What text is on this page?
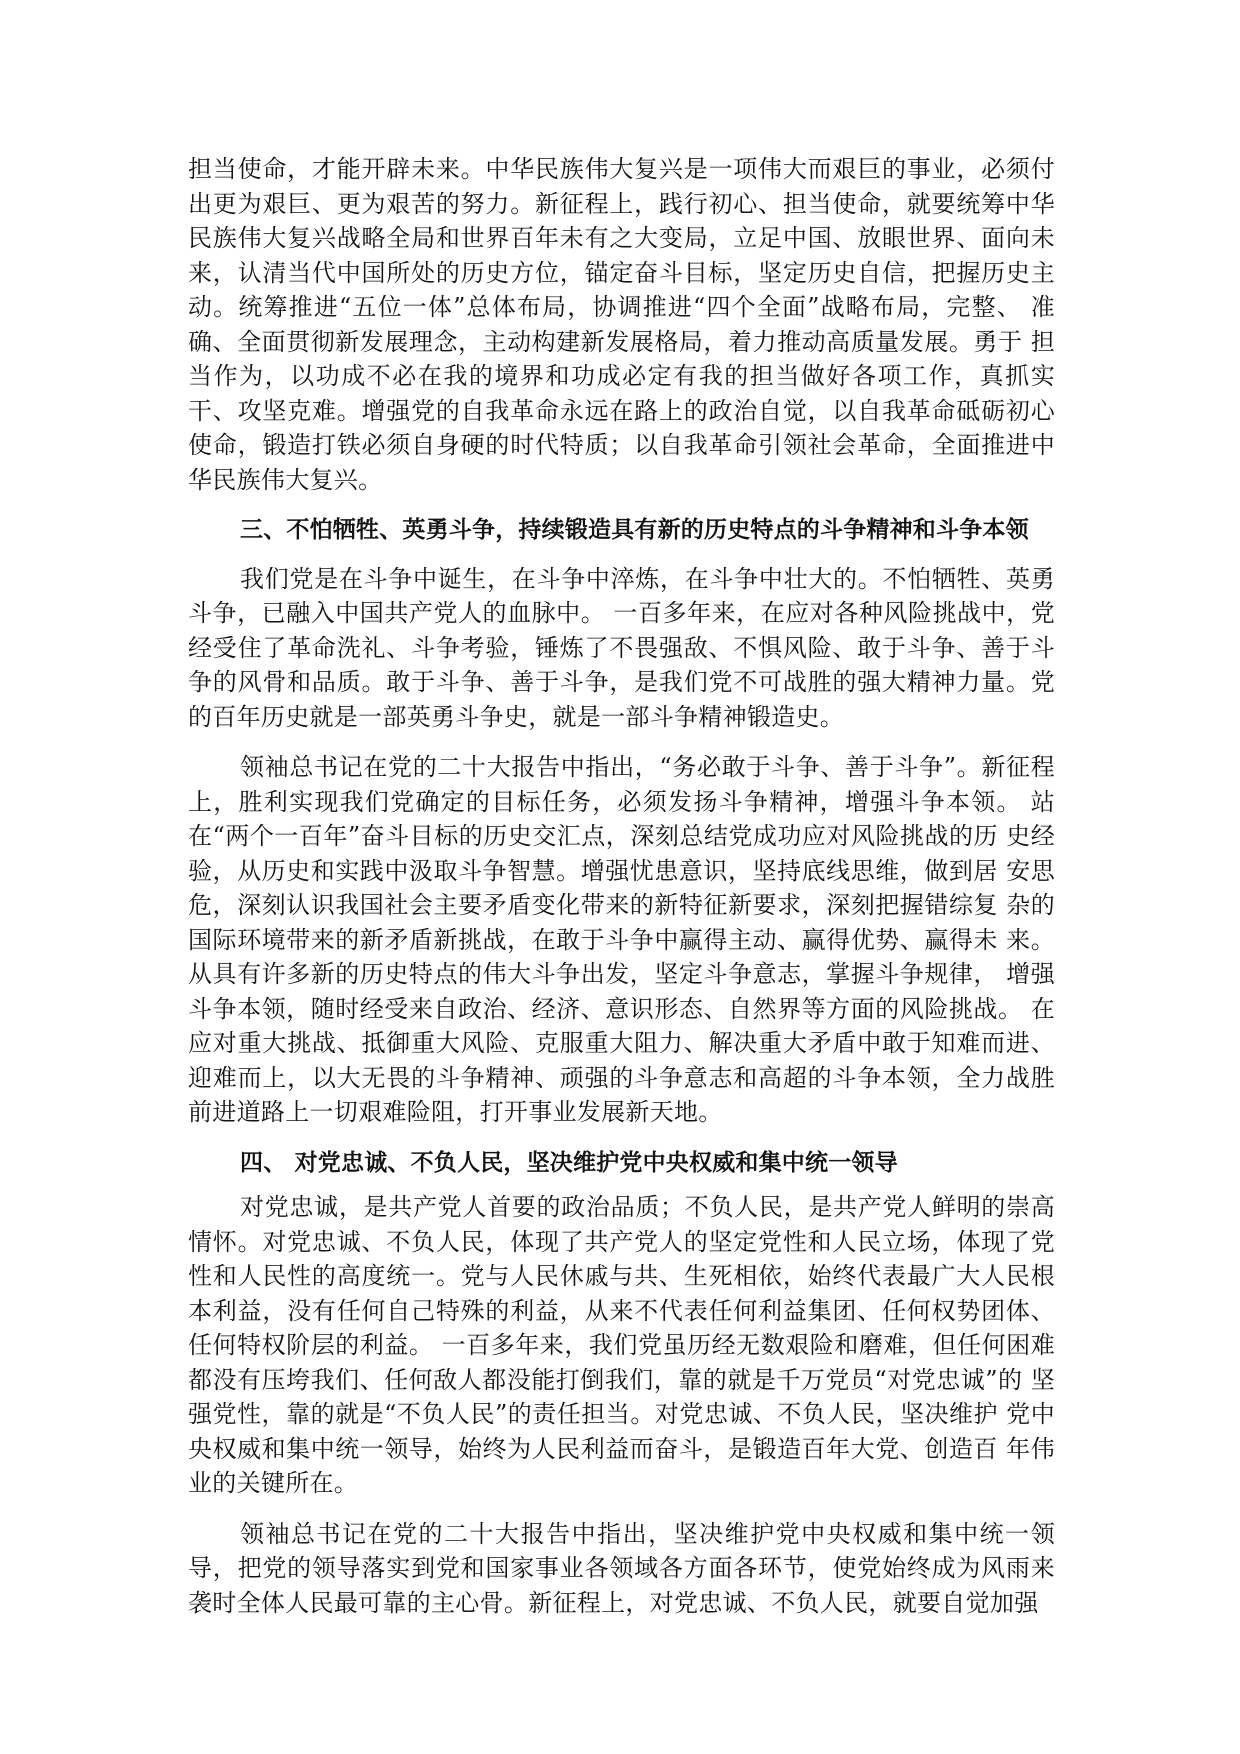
担当使命，才能开辟未来。中华民族伟大复兴是一项伟大而艰巨的事业，必须付出更为艰巨、更为艰苦的努力。新征程上，践行初心、担当使命，就要统筹中华民族伟大复兴战略全局和世界百年未有之大变局，立足中国、放眼世界、面向未来，认清当代中国所处的历史方位，锚定奋斗目标，坚定历史自信，把握历史主动。统筹推进“五位一体”总体布局，协调推进“四个全面”战略布局，完整、 准确、全面贯彻新发展理念，主动构建新发展格局，着力推动高质量发展。勇于 担当作为，以功成不必在我的境界和功成必定有我的担当做好各项工作，真抓实 干、攻坚克难。增强党的自我革命永远在路上的政治自觉，以自我革命砥砺初心 使命，锻造打铁必须自身硬的时代特质；以自我革命引领社会革命，全面推进中 华民族伟大复兴。

三、不怕牺牲、英勇斗争，持续锻造具有新的历史特点的斗争精神和斗争本领

我们党是在斗争中诞生，在斗争中淬炼，在斗争中壮大的。不怕牺牲、英勇 斗争，已融入中国共产党人的血脉中。 一百多年来，在应对各种风险挑战中，党 经受住了革命洗礼、斗争考验，锤炼了不畏强敌、不惧风险、敢于斗争、善于斗 争的风骨和品质。敢于斗争、善于斗争，是我们党不可战胜的强大精神力量。党 的百年历史就是一部英勇斗争史，就是一部斗争精神锻造史。

领袖总书记在党的二十大报告中指出，“务必敢于斗争、善于斗争”。新征程上，胜利实现我们党确定的目标任务，必须发扬斗争精神，增强斗争本领。 站在“两个一百年”奋斗目标的历史交汇点，深刻总结党成功应对风险挑战的历 史经验，从历史和实践中汲取斗争智慧。增强忧患意识，坚持底线思维，做到居 安思危，深刻认识我国社会主要矛盾变化带来的新特征新要求，深刻把握错综复 杂的国际环境带来的新矛盾新挑战，在敢于斗争中赢得主动、赢得优势、赢得未 来。从具有许多新的历史特点的伟大斗争出发，坚定斗争意志，掌握斗争规律， 增强斗争本领，随时经受来自政治、经济、意识形态、自然界等方面的风险挑战。 在应对重大挑战、抵御重大风险、克服重大阻力、解决重大矛盾中敢于知难而进、 迎难而上，以大无畏的斗争精神、顽强的斗争意志和高超的斗争本领，全力战胜 前进道路上一切艰难险阻，打开事业发展新天地。

四、 对党忠诚、不负人民，坚决维护党中央权威和集中统一领导

对党忠诚，是共产党人首要的政治品质；不负人民，是共产党人鲜明的崇高情怀。对党忠诚、不负人民，体现了共产党人的坚定党性和人民立场，体现了党性和人民性的高度统一。党与人民休戚与共、生死相依，始终代表最广大人民根本利益，没有任何自己特殊的利益，从来不代表任何利益集团、任何权势团体、 任何特权阶层的利益。 一百多年来，我们党虽历经无数艰险和磨难，但任何困难 都没有压垮我们、任何敌人都没能打倒我们，靠的就是千万党员“对党忠诚”的 坚强党性，靠的就是“不负人民”的责任担当。对党忠诚、不负人民，坚决维护 党中央权威和集中统一领导，始终为人民利益而奋斗，是锻造百年大党、创造百 年伟业的关键所在。

领袖总书记在党的二十大报告中指出，坚决维护党中央权威和集中统一领导，把党的领导落实到党和国家事业各领域各方面各环节，使党始终成为风雨来 袭时全体人民最可靠的主心骨。新征程上，对党忠诚、不负人民，就要自觉加强
